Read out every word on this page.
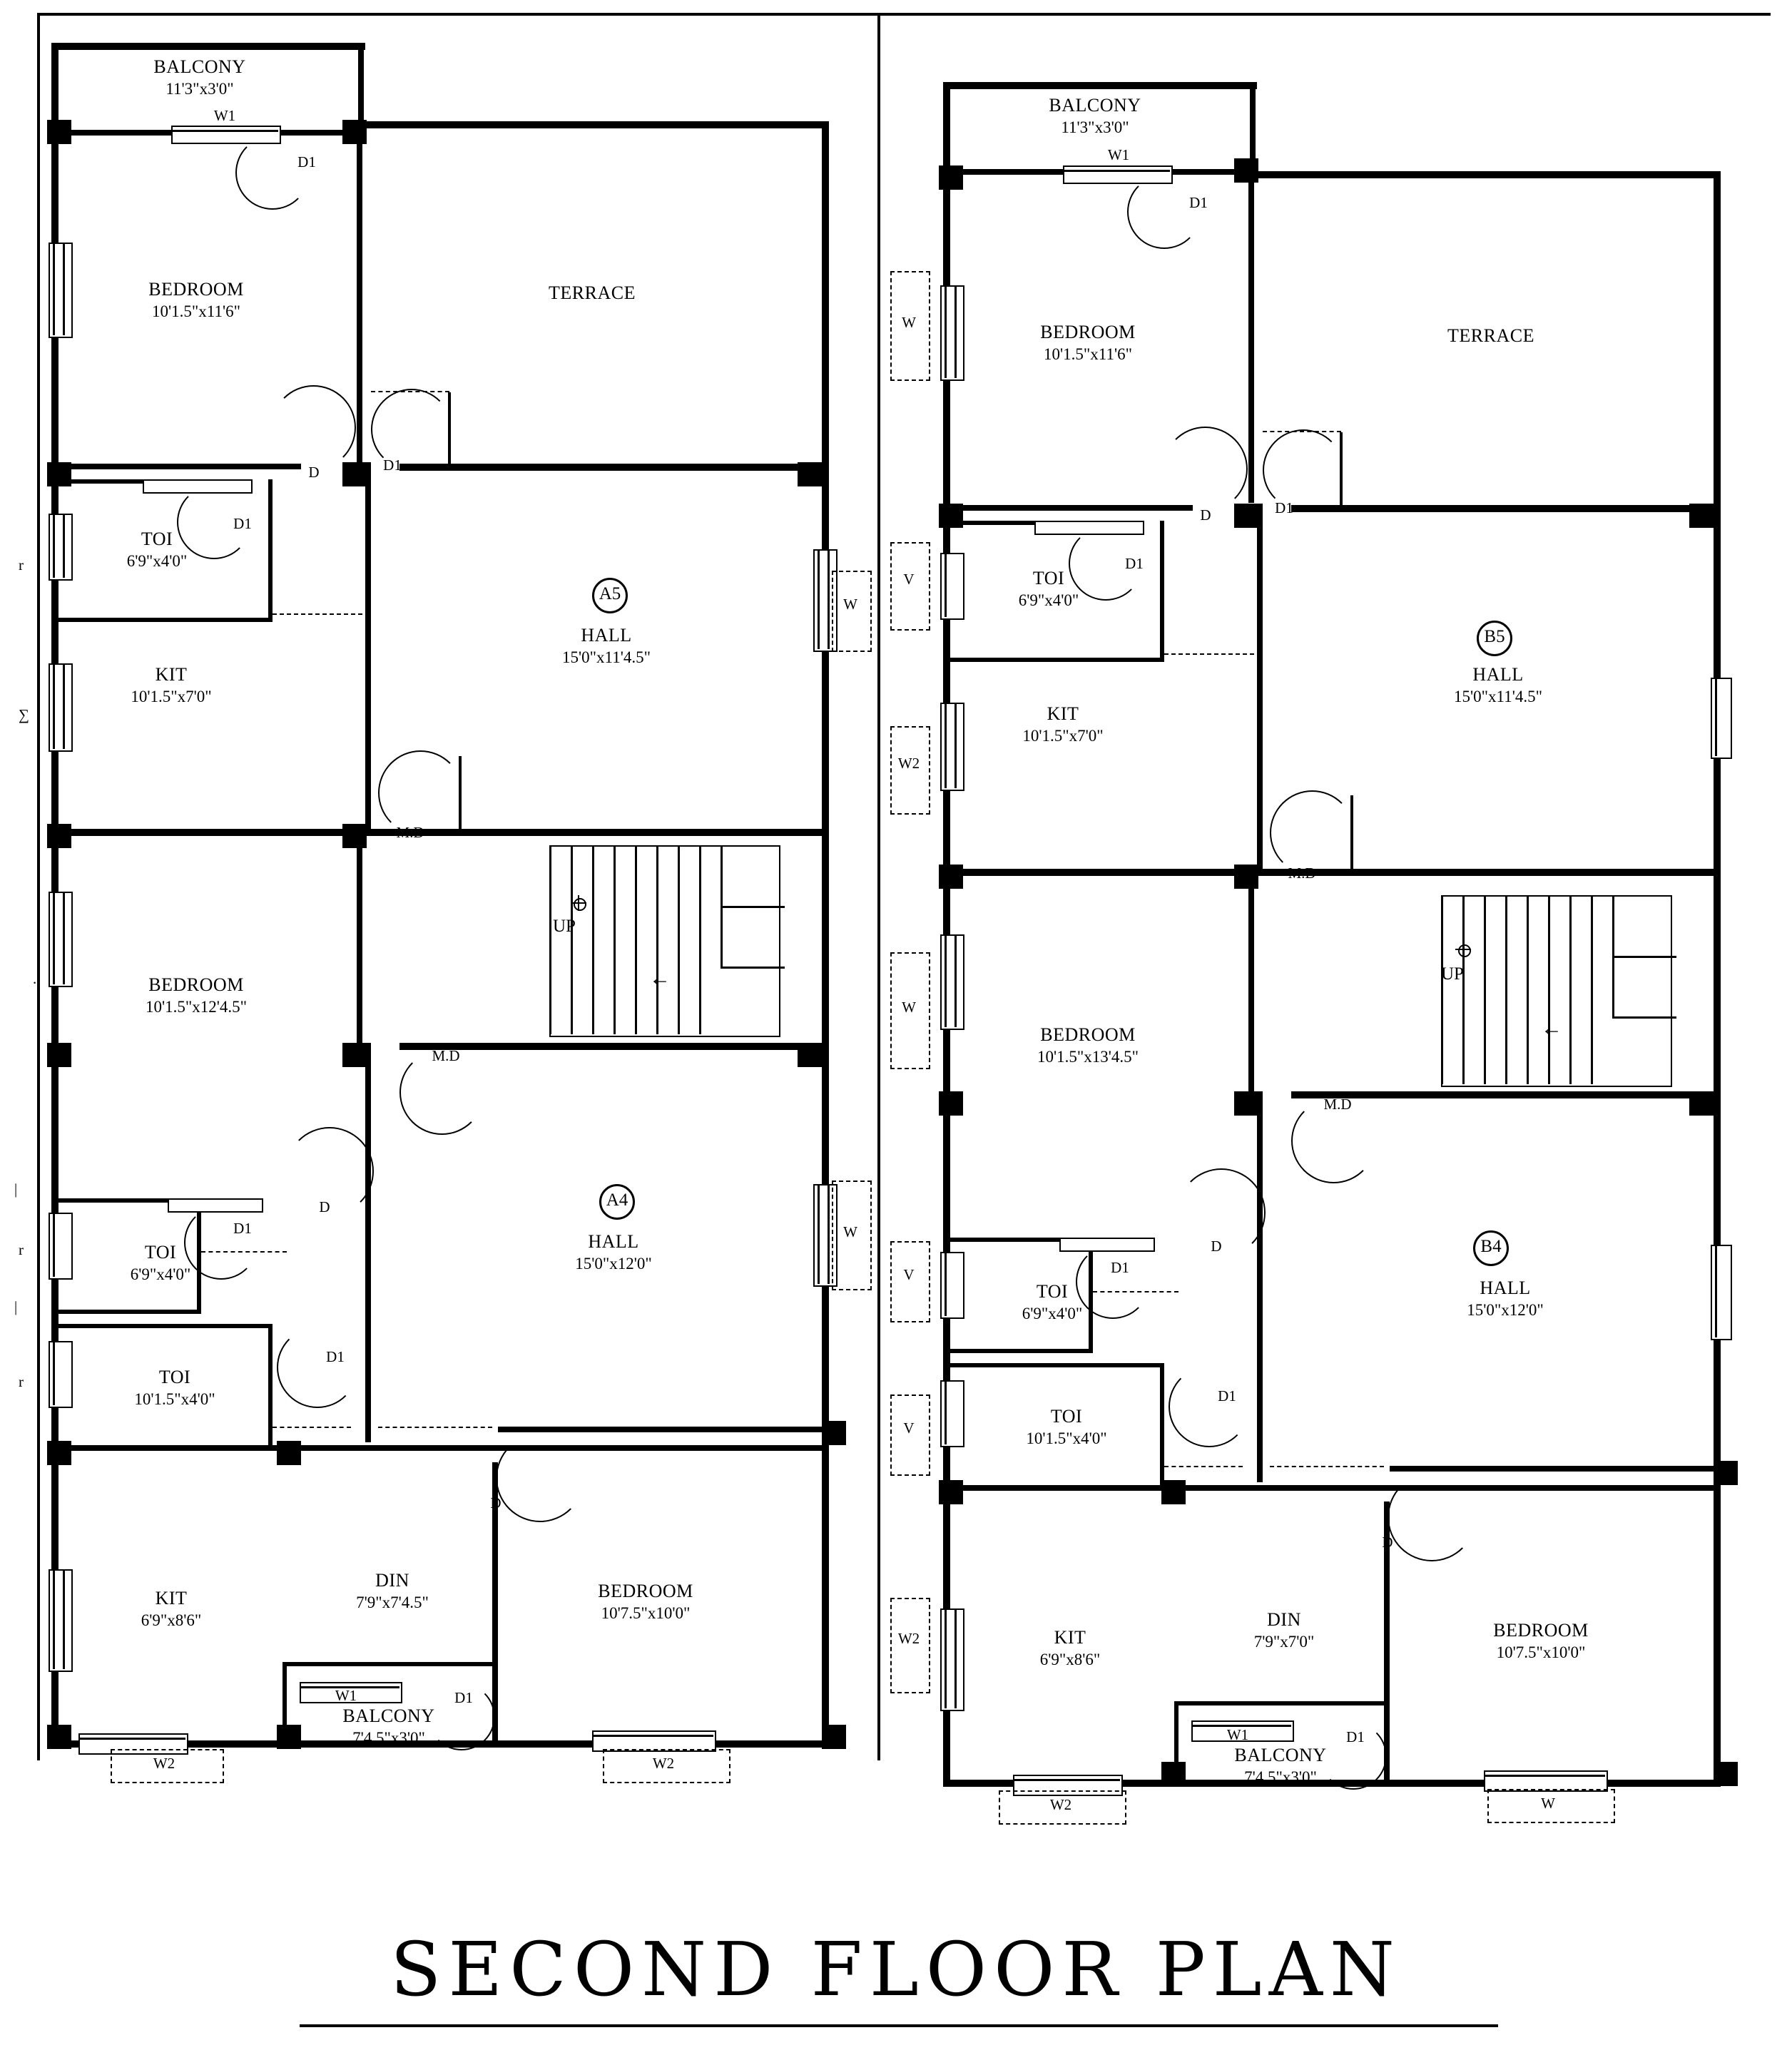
BALCONY
11'3"x3'0"
W1
BEDROOM
10'1.5"x11'6"
TERRACE
TOI
6'9"x4'0"
KIT
10'1.5"x7'0"
A5
HALL
15'0"x11'4.5"
BEDROOM
10'1.5"x12'4.5"
TOI
6'9"x4'0"
TOI
10'1.5"x4'0"
A4
HALL
15'0"x12'0"
KIT
6'9"x8'6"
DIN
7'9"x7'4.5"
BEDROOM
10'7.5"x10'0"
BALCONY
7'4.5"x3'0"
D1
D	D1
D1
M.D
M.D
D
D1
D1
D
W1	D1
W2	W2
W
W
UP
←
BALCONY
11'3"x3'0"
W1
BEDROOM
10'1.5"x11'6"
TERRACE
TOI
6'9"x4'0"
KIT
10'1.5"x7'0"
B5
HALL
15'0"x11'4.5"
BEDROOM
10'1.5"x13'4.5"
TOI
6'9"x4'0"
TOI
10'1.5"x4'0"
B4
HALL
15'0"x12'0"
KIT
6'9"x8'6"
DIN
7'9"x7'0"
BEDROOM
10'7.5"x10'0"
BALCONY
7'4.5"x3'0"
D1
D	D1
D1
M.D
M.D
D
D1
D1
D
W1	D1
W2	W
UP
←
W
V
W2
W
V
V
W2
r
∑
.
|
r
r
|
SECOND FLOOR PLAN
